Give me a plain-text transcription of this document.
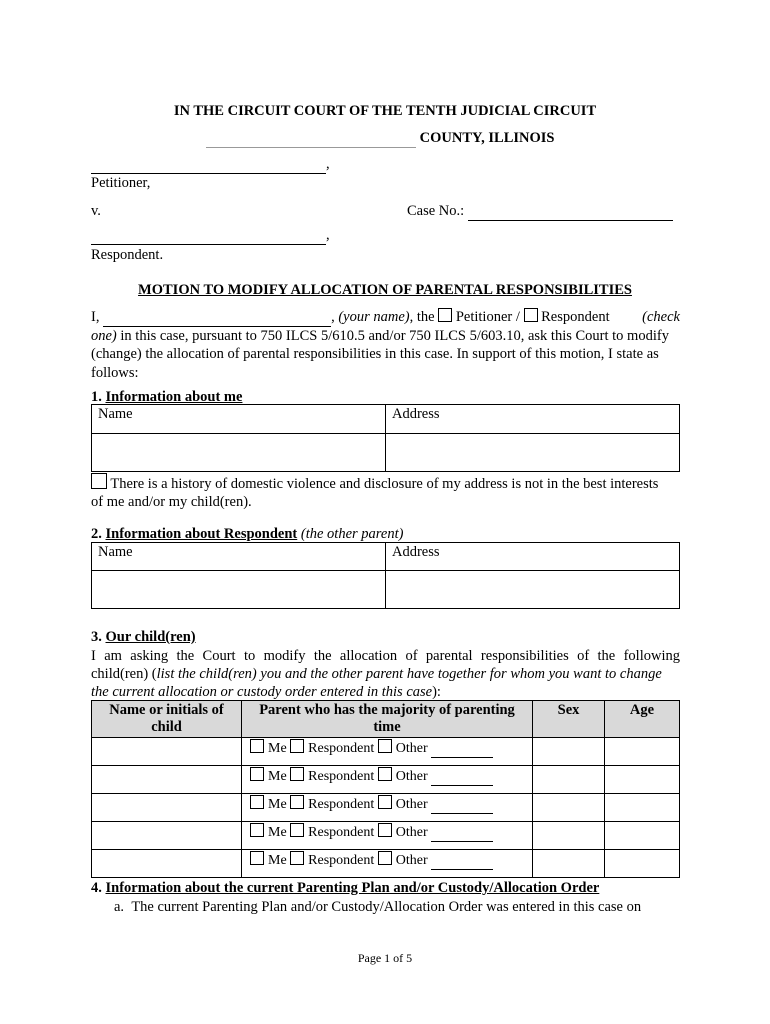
IN THE CIRCUIT COURT OF THE TENTH JUDICIAL CIRCUIT
COUNTY, ILLINOIS
,
Petitioner,
v.	Case No.:
,
Respondent.
MOTION TO MODIFY ALLOCATION OF PARENTAL RESPONSIBILITIES
I,	, (your name), the Petitioner / Respondent (check
one) in this case, pursuant to 750 ILCS 5/610.5 and/or 750 ILCS 5/603.10, ask this Court to modify
(change) the allocation of parental responsibilities in this case. In support of this motion, I state as
follows:
1. Information about me
Name	Address

There is a history of domestic violence and disclosure of my address is not in the best interests
of me and/or my child(ren).
2. Information about Respondent (the other parent)
Name	Address

3. Our child(ren)
I am asking the Court to modify the allocation of parental responsibilities of the following
child(ren) (list the child(ren) you and the other parent have together for whom you want to change
the current allocation or custody order entered in this case):
Name or initials of
child	Parent who has the majority of parenting
time	Sex	Age
	Me Respondent Other		
	Me Respondent Other		
	Me Respondent Other		
	Me Respondent Other		
	Me Respondent Other		
4. Information about the current Parenting Plan and/or Custody/Allocation Order
a. The current Parenting Plan and/or Custody/Allocation Order was entered in this case on
Page 1 of 5
